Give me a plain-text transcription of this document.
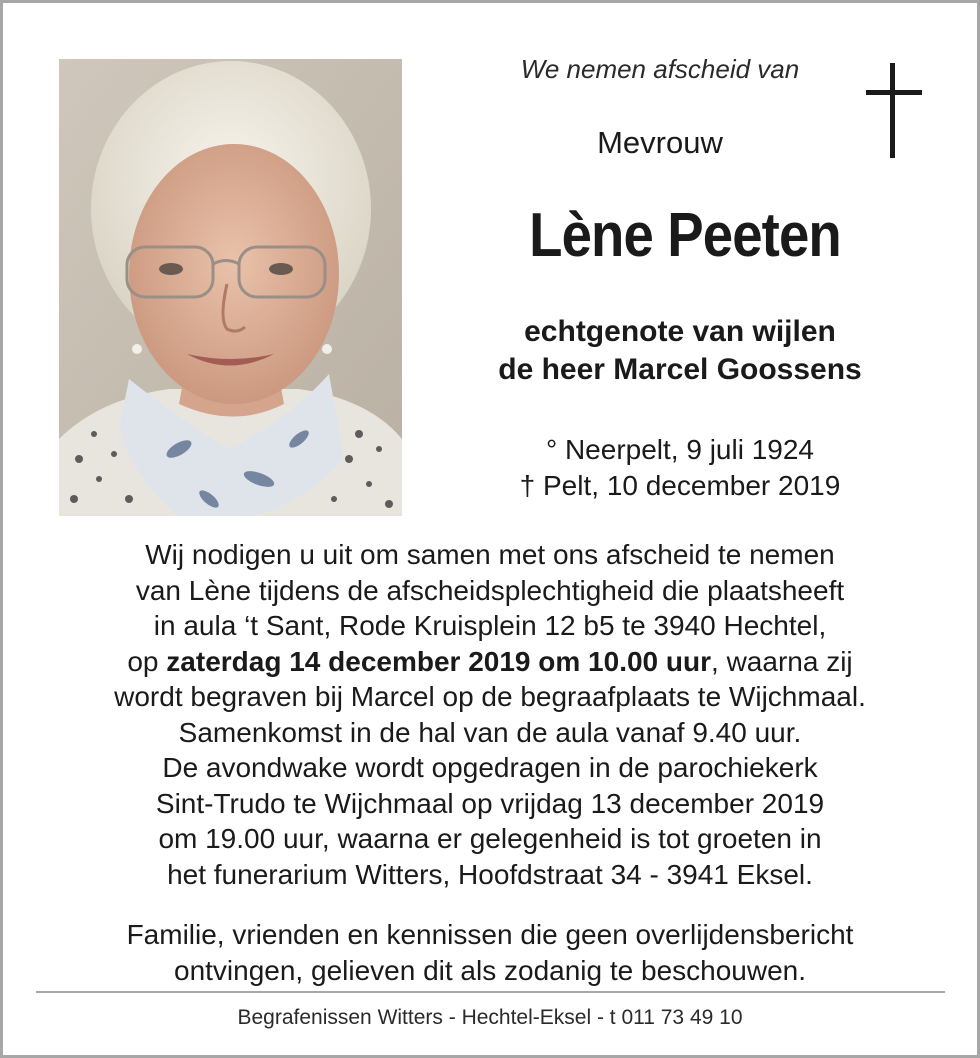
We nemen afscheid van
Mevrouw
Lène Peeten
echtgenote van wijlen
de heer Marcel Goossens
° Neerpelt, 9 juli 1924
† Pelt, 10 december 2019
Wij nodigen u uit om samen met ons afscheid te nemen
van Lène tijdens de afscheidsplechtigheid die plaatsheeft
in aula ‘t Sant, Rode Kruisplein 12 b5 te 3940 Hechtel,
op zaterdag 14 december 2019 om 10.00 uur, waarna zij
wordt begraven bij Marcel op de begraafplaats te Wijchmaal.
Samenkomst in de hal van de aula vanaf 9.40 uur.
De avondwake wordt opgedragen in de parochiekerk
Sint-Trudo te Wijchmaal op vrijdag 13 december 2019
om 19.00 uur, waarna er gelegenheid is tot groeten in
het funerarium Witters, Hoofdstraat 34 - 3941 Eksel.
Familie, vrienden en kennissen die geen overlijdensbericht
ontvingen, gelieven dit als zodanig te beschouwen.
Begrafenissen Witters - Hechtel-Eksel - t 011 73 49 10
